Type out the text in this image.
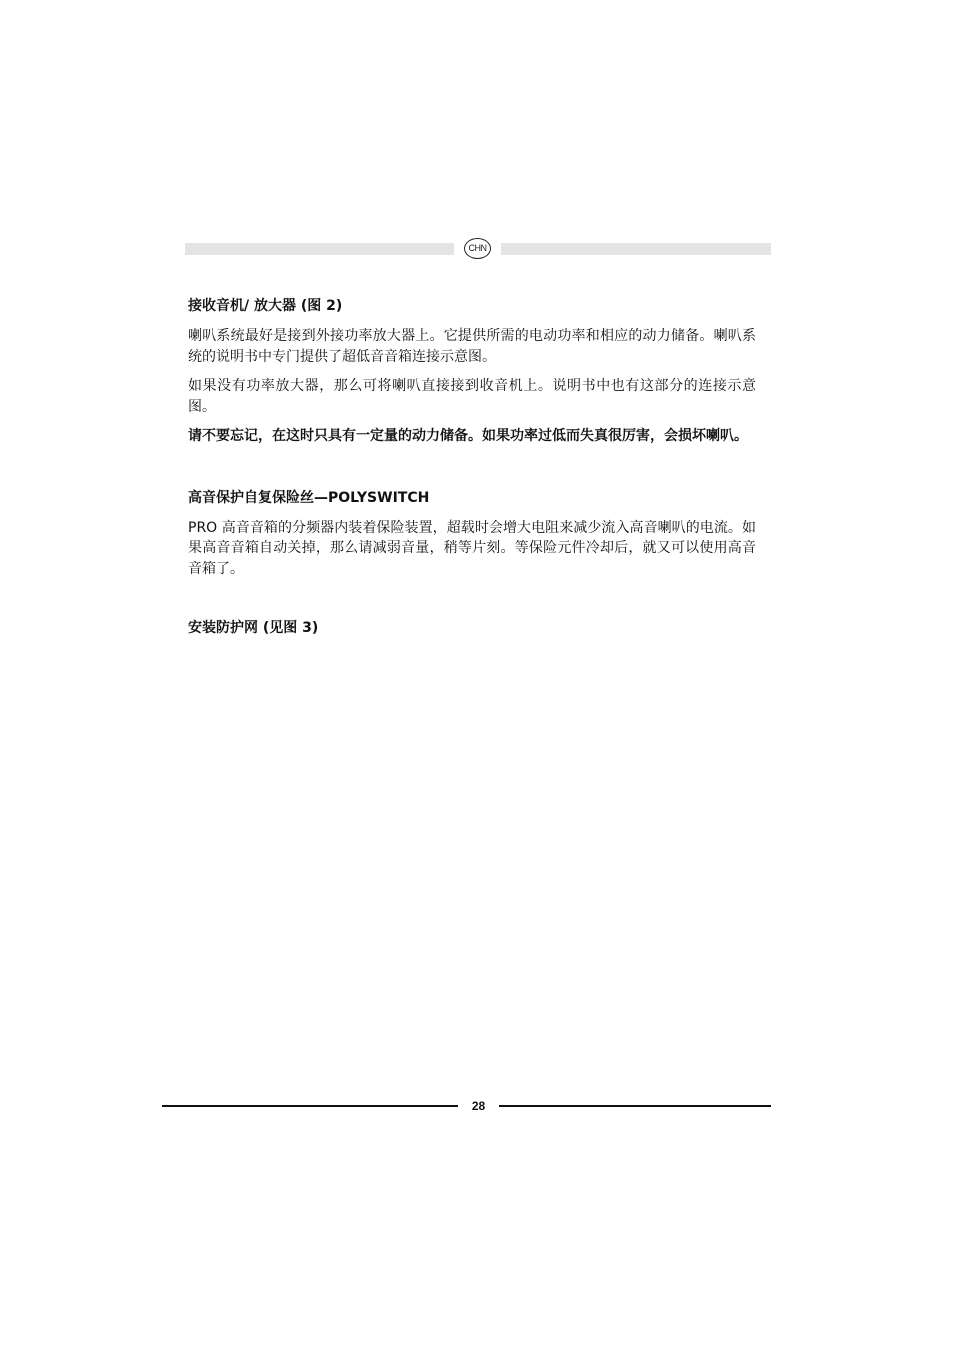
CHN
接收音机/ 放大器 (图 2)

喇叭系统最好是接到外接功率放大器上。它提供所需的电动功率和相应的动力储备。喇叭系统的说明书中专门提供了超低音音箱连接示意图。

如果没有功率放大器，那么可将喇叭直接接到收音机上。说明书中也有这部分的连接示意图。

请不要忘记，在这时只具有一定量的动力储备。如果功率过低而失真很厉害，会损坏喇叭。

高音保护自复保险丝—POLYSWITCH

PRO 高音音箱的分频器内装着保险装置，超载时会增大电阻来减少流入高音喇叭的电流。如果高音音箱自动关掉，那么请减弱音量，稍等片刻。等保险元件冷却后，就又可以使用高音音箱了。

安装防护网 (见图 3)
28
